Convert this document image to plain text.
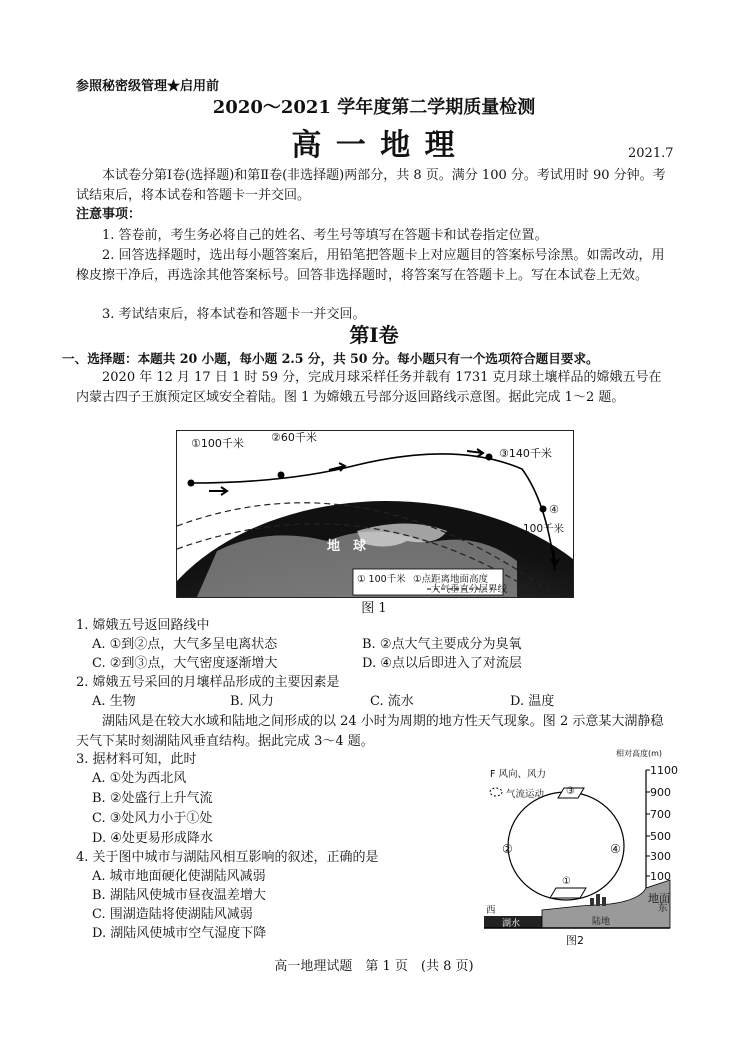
参照秘密级管理★启用前
2020～2021 学年度第二学期质量检测
高 一 地 理	2021.7
本试卷分第Ⅰ卷(选择题)和第Ⅱ卷(非选择题)两部分，共 8 页。满分 100 分。考试用时 90 分钟。考试结束后，将本试卷和答题卡一并交回。
注意事项：
1. 答卷前，考生务必将自己的姓名、考生号等填写在答题卡和试卷指定位置。
2. 回答选择题时，选出每小题答案后，用铅笔把答题卡上对应题目的答案标号涂黑。如需改动，用橡皮擦干净后，再选涂其他答案标号。回答非选择题时，将答案写在答题卡上。写在本试卷上无效。
3. 考试结束后，将本试卷和答题卡一并交回。
第Ⅰ卷
一、选择题：本题共 20 小题，每小题 2.5 分，共 50 分。每小题只有一个选项符合题目要求。
2020 年 12 月 17 日 1 时 59 分，完成月球采样任务并载有 1731 克月球土壤样品的嫦娥五号在内蒙古四子王旗预定区域安全着陆。图 1 为嫦娥五号部分返回路线示意图。据此完成 1～2 题。
①100千米 ②60千米
③140千米
④
100千米
地　球
① 100千米 ①点距离地面高度
大气垂直分层界线
图 1
1. 嫦娥五号返回路线中
A. ①到②点，大气多呈电离状态	B. ②点大气主要成分为臭氧
C. ②到③点，大气密度逐渐增大	D. ④点以后即进入了对流层
2. 嫦娥五号采回的月壤样品形成的主要因素是
A. 生物	B. 风力	C. 流水	D. 温度
湖陆风是在较大水域和陆地之间形成的以 24 小时为周期的地方性天气现象。图 2 示意某大湖静稳天气下某时刻湖陆风垂直结构。据此完成 3～4 题。
3. 据材料可知，此时
A. ①处为西北风
B. ②处盛行上升气流
C. ③处风力小于①处
D. ④处更易形成降水
4. 关于图中城市与湖陆风相互影响的叙述，正确的是
A. 城市地面硬化使湖陆风减弱
B. 湖陆风使城市昼夜温差增大
C. 围湖造陆将使湖陆风减弱
D. 湖陆风使城市空气湿度下降
相对高度(m)
1100
900
700
500
300
100
地面
F 风向、风力
气流运动 ③
②	④
①
西	东
湖水	陆地
图2
高一地理试题　第 1 页　(共 8 页)
